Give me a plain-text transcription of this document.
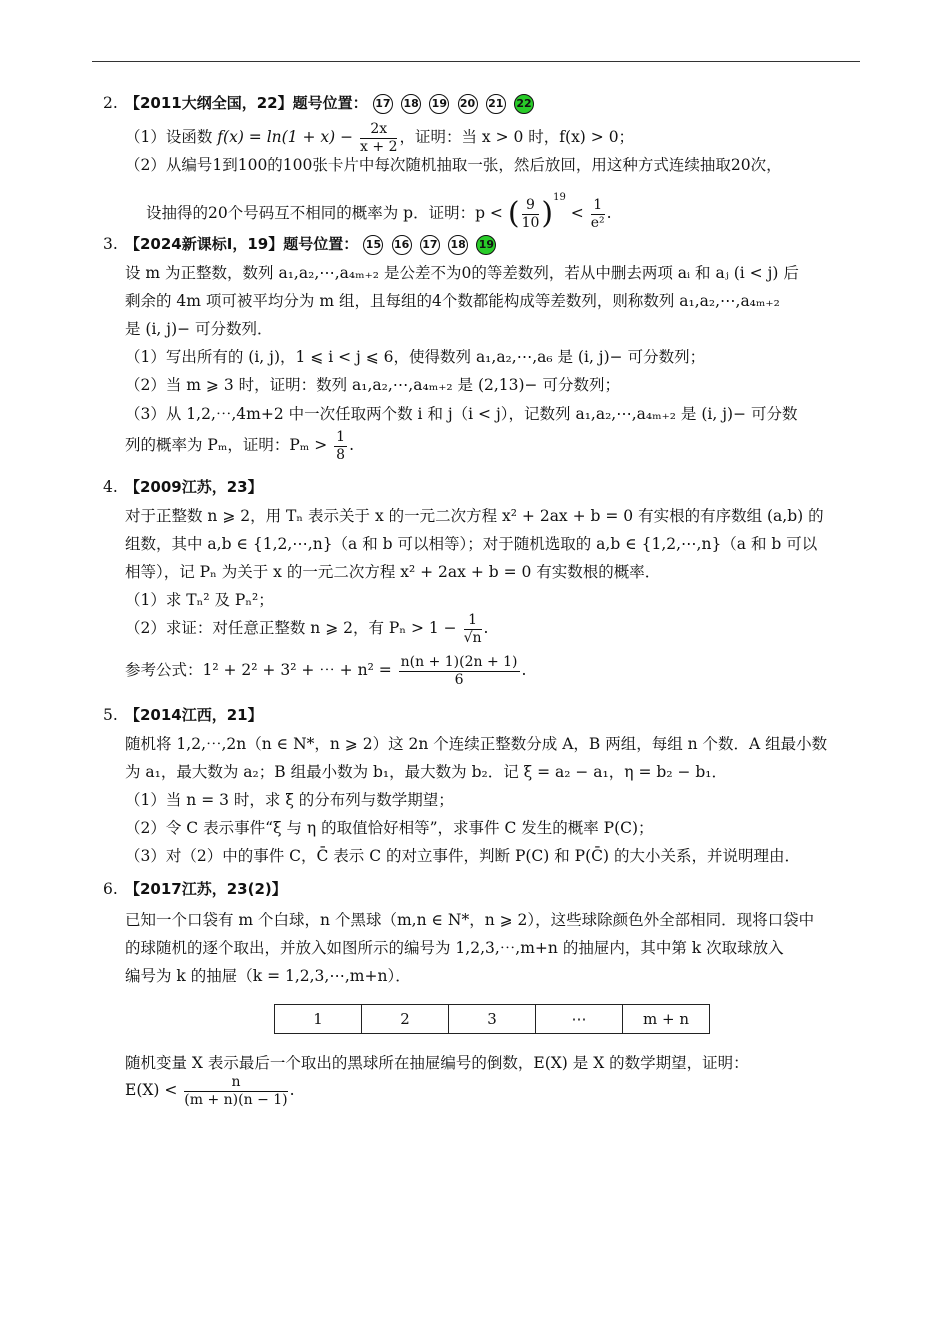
2. 【2011大纲全国，22】题号位置： 17 18 19 20 21 22
（1）设函数 $f(x) = \ln(1 + x) - \frac{2x}{x + 2}$ ，证明：当 x > 0 时，f(x) > 0；
（2）从编号1到100的100张卡片中每次随机抽取一张，然后放回，用这种方式连续抽取20次，
设抽得的20个号码互不相同的概率为 p．证明：p < ( $\frac{9}{10} )^{19} < \frac{1}{\text{e²}}$ .
3. 【2024新课标Ⅰ，19】题号位置： 15 16 17 18 19
设 m 为正整数，数列 a₁,a₂,⋯,a₄ₘ₊₂ 是公差不为0的等差数列，若从中删去两项 aᵢ 和 aⱼ (i < j) 后
剩余的 4m 项可被平均分为 m 组，且每组的4个数都能构成等差数列，则称数列 a₁,a₂,⋯,a₄ₘ₊₂
是 (i, j)− 可分数列．
（1）写出所有的 (i, j)，1 ⩽ i < j ⩽ 6，使得数列 a₁,a₂,⋯,a₆ 是 (i, j)− 可分数列；
（2）当 m ⩾ 3 时，证明：数列 a₁,a₂,⋯,a₄ₘ₊₂ 是 (2,13)− 可分数列；
（3）从 1,2,⋯,4m+2 中一次任取两个数 i 和 j（i < j），记数列 a₁,a₂,⋯,a₄ₘ₊₂ 是 (i, j)− 可分数
列的概率为 Pₘ，证明：$P_m > \frac{1}{8}$ .
4. 【2009江苏，23】
对于正整数 n ⩾ 2，用 Tₙ 表示关于 x 的一元二次方程 x² + 2ax + b = 0 有实根的有序数组 (a,b) 的
组数，其中 a,b ∈ {1,2,⋯,n}（a 和 b 可以相等）；对于随机选取的 a,b ∈ {1,2,⋯,n}（a 和 b 可以
相等），记 Pₙ 为关于 x 的一元二次方程 x² + 2ax + b = 0 有实数根的概率．
（1）求 Tₙ² 及 Pₙ²；
（2）求证：对任意正整数 n ⩾ 2，有 $P_n > 1 - \frac{1}{√n}$ .
参考公式：1² + 2² + 3² + ⋯ + $n^2 = \frac{n(n + 1)(2n + 1)}{6}$ .
5. 【2014江西，21】
随机将 1,2,⋯,2n（n ∈ N*，n ⩾ 2）这 2n 个连续正整数分成 A，B 两组，每组 n 个数．A 组最小数
为 a₁，最大数为 a₂；B 组最小数为 b₁，最大数为 b₂．记 ξ = a₂ − a₁，η = b₂ − b₁．
（1）当 n = 3 时，求 ξ 的分布列与数学期望；
（2）令 C 表示事件“ξ 与 η 的取值恰好相等”，求事件 C 发生的概率 P(C)；
（3）对（2）中的事件 C，C̄ 表示 C 的对立事件，判断 P(C) 和 P(C̄) 的大小关系，并说明理由．
6. 【2017江苏，23(2)】
已知一个口袋有 m 个白球，n 个黑球（m,n ∈ N*，n ⩾ 2），这些球除颜色外全部相同．现将口袋中
的球随机的逐个取出，并放入如图所示的编号为 1,2,3,⋯,m+n 的抽屉内，其中第 k 次取球放入
编号为 k 的抽屉（k = 1,2,3,⋯,m+n）．
1	2	3	⋯	m + n
随机变量 X 表示最后一个取出的黑球所在抽屉编号的倒数，E(X) 是 X 的数学期望，证明：
$E(X) < \frac{n}{(m + n)(n - 1)}$ .
